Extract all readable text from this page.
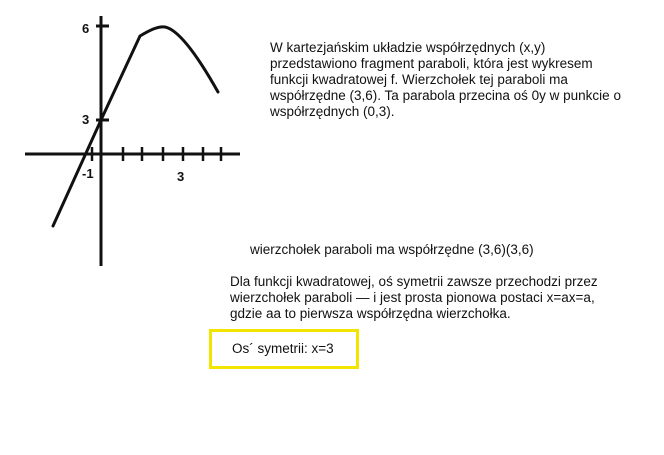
6
3
-1	3
W kartezjańskim układzie współrzędnych (x,y)
przedstawiono fragment paraboli, która jest wykresem
funkcji kwadratowej f. Wierzchołek tej paraboli ma
współrzędne (3,6). Ta parabola przecina oś 0y w punkcie o
współrzędnych (0,3).
wierzchołek paraboli ma współrzędne (3,6)(3,6)
Dla funkcji kwadratowej, oś symetrii zawsze przechodzi przez
wierzchołek paraboli — i jest prosta pionowa postaci x=ax=a,
gdzie aa to pierwsza współrzędna wierzchołka.
Os´ symetrii: x=3
